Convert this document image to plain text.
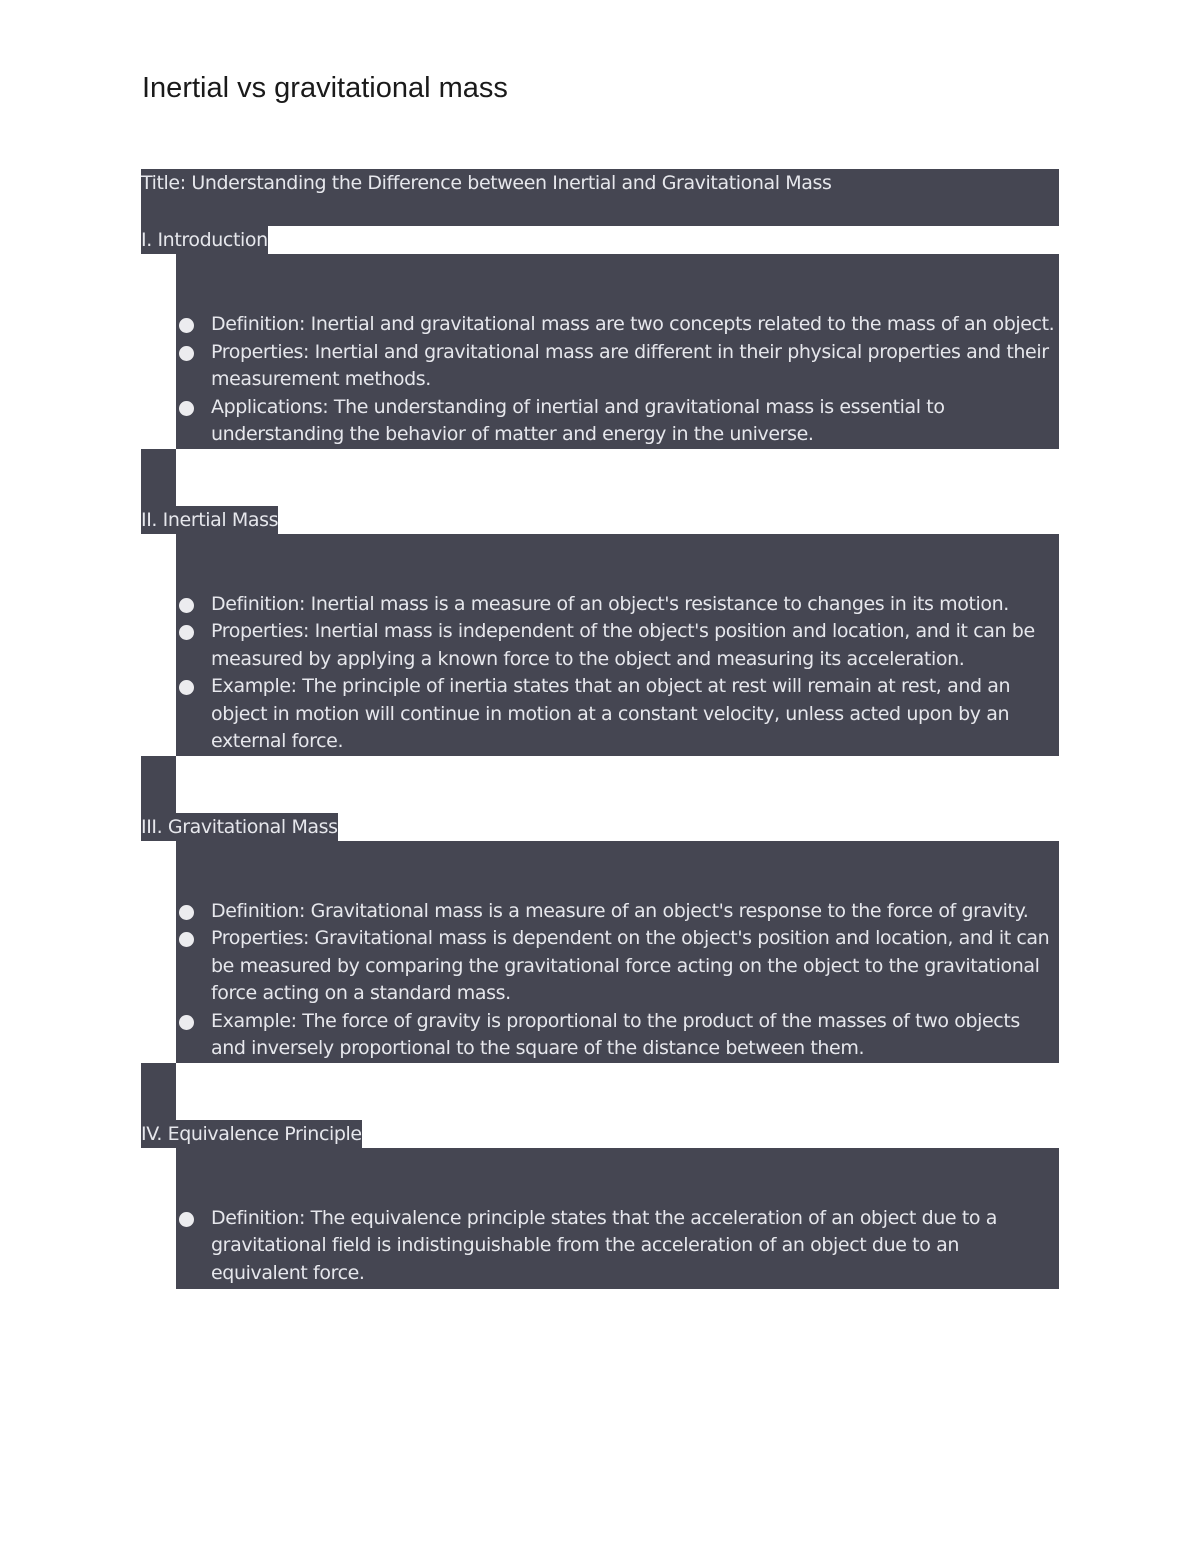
Inertial vs gravitational mass
Title: Understanding the Difference between Inertial and Gravitational Mass
I. Introduction
Definition: Inertial and gravitational mass are two concepts related to the mass of an object.
Properties: Inertial and gravitational mass are different in their physical properties and their measurement methods.
Applications: The understanding of inertial and gravitational mass is essential to understanding the behavior of matter and energy in the universe.
II. Inertial Mass
Definition: Inertial mass is a measure of an object's resistance to changes in its motion.
Properties: Inertial mass is independent of the object's position and location, and it can be measured by applying a known force to the object and measuring its acceleration.
Example: The principle of inertia states that an object at rest will remain at rest, and an object in motion will continue in motion at a constant velocity, unless acted upon by an external force.
III. Gravitational Mass
Definition: Gravitational mass is a measure of an object's response to the force of gravity.
Properties: Gravitational mass is dependent on the object's position and location, and it can be measured by comparing the gravitational force acting on the object to the gravitational force acting on a standard mass.
Example: The force of gravity is proportional to the product of the masses of two objects and inversely proportional to the square of the distance between them.
IV. Equivalence Principle
Definition: The equivalence principle states that the acceleration of an object due to a gravitational field is indistinguishable from the acceleration of an object due to an equivalent force.
